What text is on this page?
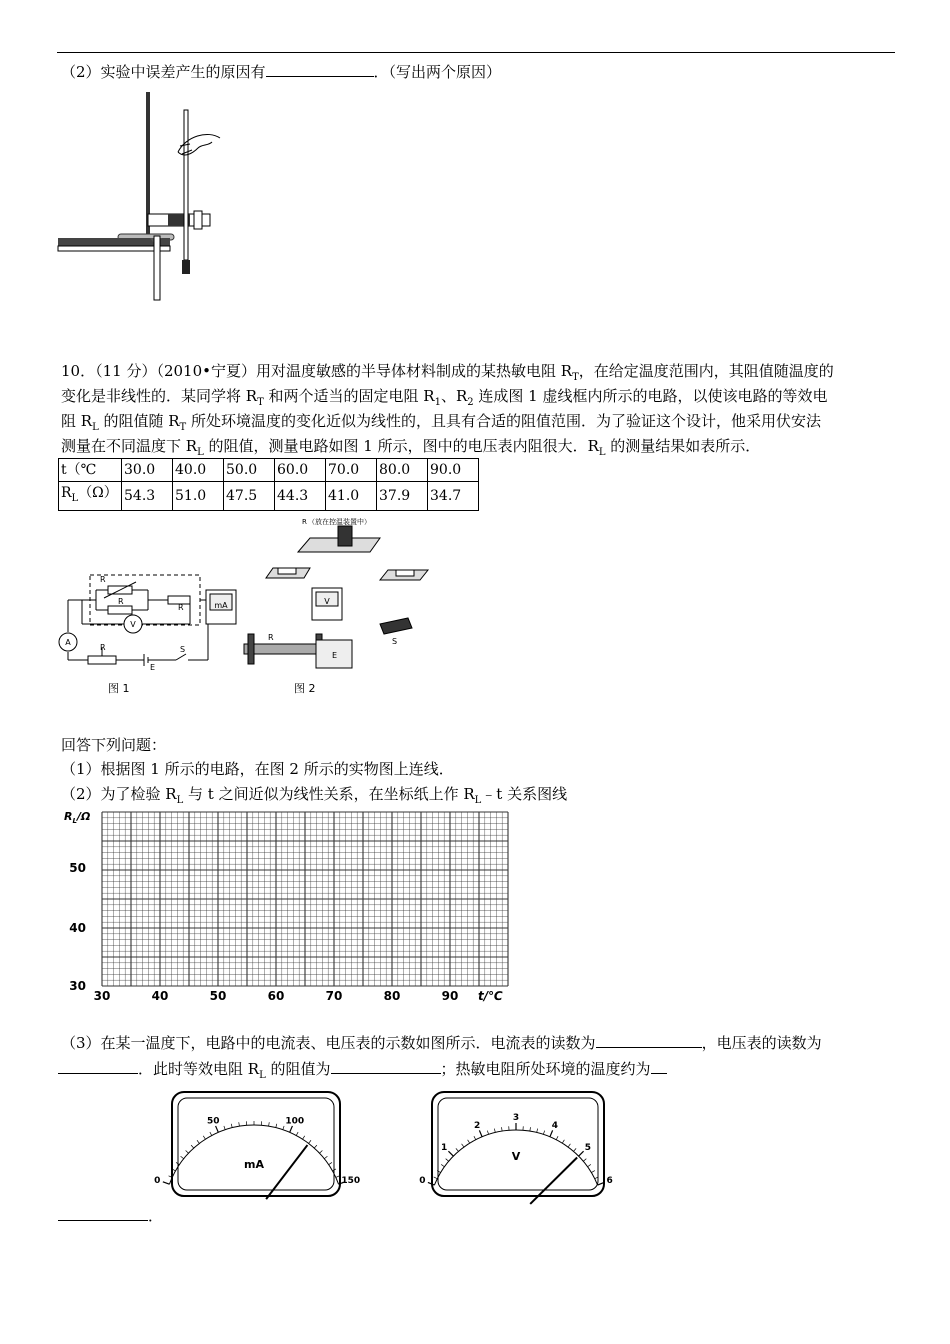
（2）实验中误差产生的原因有	．（写出两个原因）
10．（11 分）（2010•宁夏）用对温度敏感的半导体材料制成的某热敏电阻 $R_T$，在给定温度范围内，其阻值随温度的
变化是非线性的．某同学将 $R_T$ 和两个适当的固定电阻 $R_1$、$R_2$ 连成图 1 虚线框内所示的电路，以使该电路的等效电
阻 $R_L$ 的阻值随 $R_T$ 所处环境温度的变化近似为线性的，且具有合适的阻值范围．为了验证这个设计，他采用伏安法
测量在不同温度下 $R_L$ 的阻值，测量电路如图 1 所示，图中的电压表内阻很大．$R_L$ 的测量结果如表所示．
t（℃	30.0	40.0	50.0	60.0	70.0	80.0	90.0
$R_L(\Omega)$	54.3	51.0	47.5	44.3	41.0	37.9	34.7
A
V
R
R
R
R
E
S
图 1
R （放在控温装置中）
mA	V
E
S
R
图 2
回答下列问题：
（1）根据图 1 所示的电路，在图 2 所示的实物图上连线．
（2）为了检验 $R_L$ 与 t 之间近似为线性关系，在坐标纸上作 $R_L﹣t$ 关系图线
$R_L/\Omega$
50
40
30
30	40	50	60	70	80	90 t/℃
（3）在某一温度下，电路中的电流表、电压表的示数如图所示．电流表的读数为	，电压表的读数为
．此时等效电阻 $R_L$ 的阻值为	；热敏电阻所处环境的温度约为
0
50	100
150
mA
0
1
2
3
4
5
6
V
．
